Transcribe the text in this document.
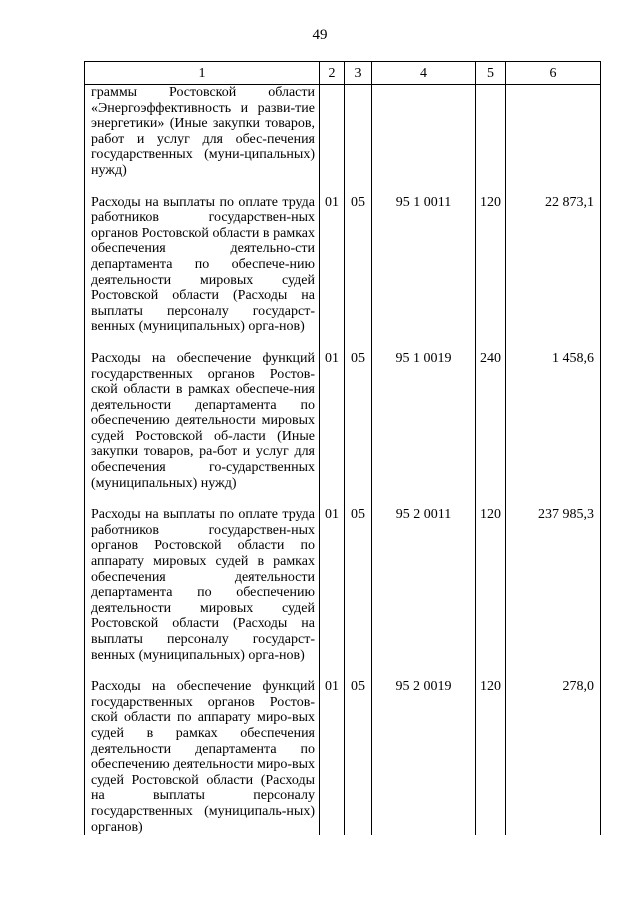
49
1	2	3	4	5	6

граммы Ростовской области «Энергоэффективность и разви-тие энергетики» (Иные закупки товаров, работ и услуг для обес-печения государственных (муни-ципальных) нужд)					

Расходы на выплаты по оплате труда работников государствен-ных органов Ростовской области в рамках обеспечения деятельно-сти департамента по обеспече-нию деятельности мировых судей Ростовской области (Расходы на выплаты персоналу государст-венных (муниципальных) орга-нов)	01	05	95 1 0011	120	22 873,1

Расходы на обеспечение функций государственных органов Ростов-ской области в рамках обеспече-ния деятельности департамента по обеспечению деятельности мировых судей Ростовской об-ласти (Иные закупки товаров, ра-бот и услуг для обеспечения го-сударственных (муниципальных) нужд)	01	05	95 1 0019	240	1 458,6

Расходы на выплаты по оплате труда работников государствен-ных органов Ростовской области по аппарату мировых судей в рамках обеспечения деятельности департамента по обеспечению деятельности мировых судей Ростовской области (Расходы на выплаты персоналу государст-венных (муниципальных) орга-нов)	01	05	95 2 0011	120	237 985,3

Расходы на обеспечение функций государственных органов Ростов-ской области по аппарату миро-вых судей в рамках обеспечения деятельности департамента по обеспечению деятельности миро-вых судей Ростовской области (Расходы на выплаты персоналу государственных (муниципаль-ных) органов)	01	05	95 2 0019	120	278,0
